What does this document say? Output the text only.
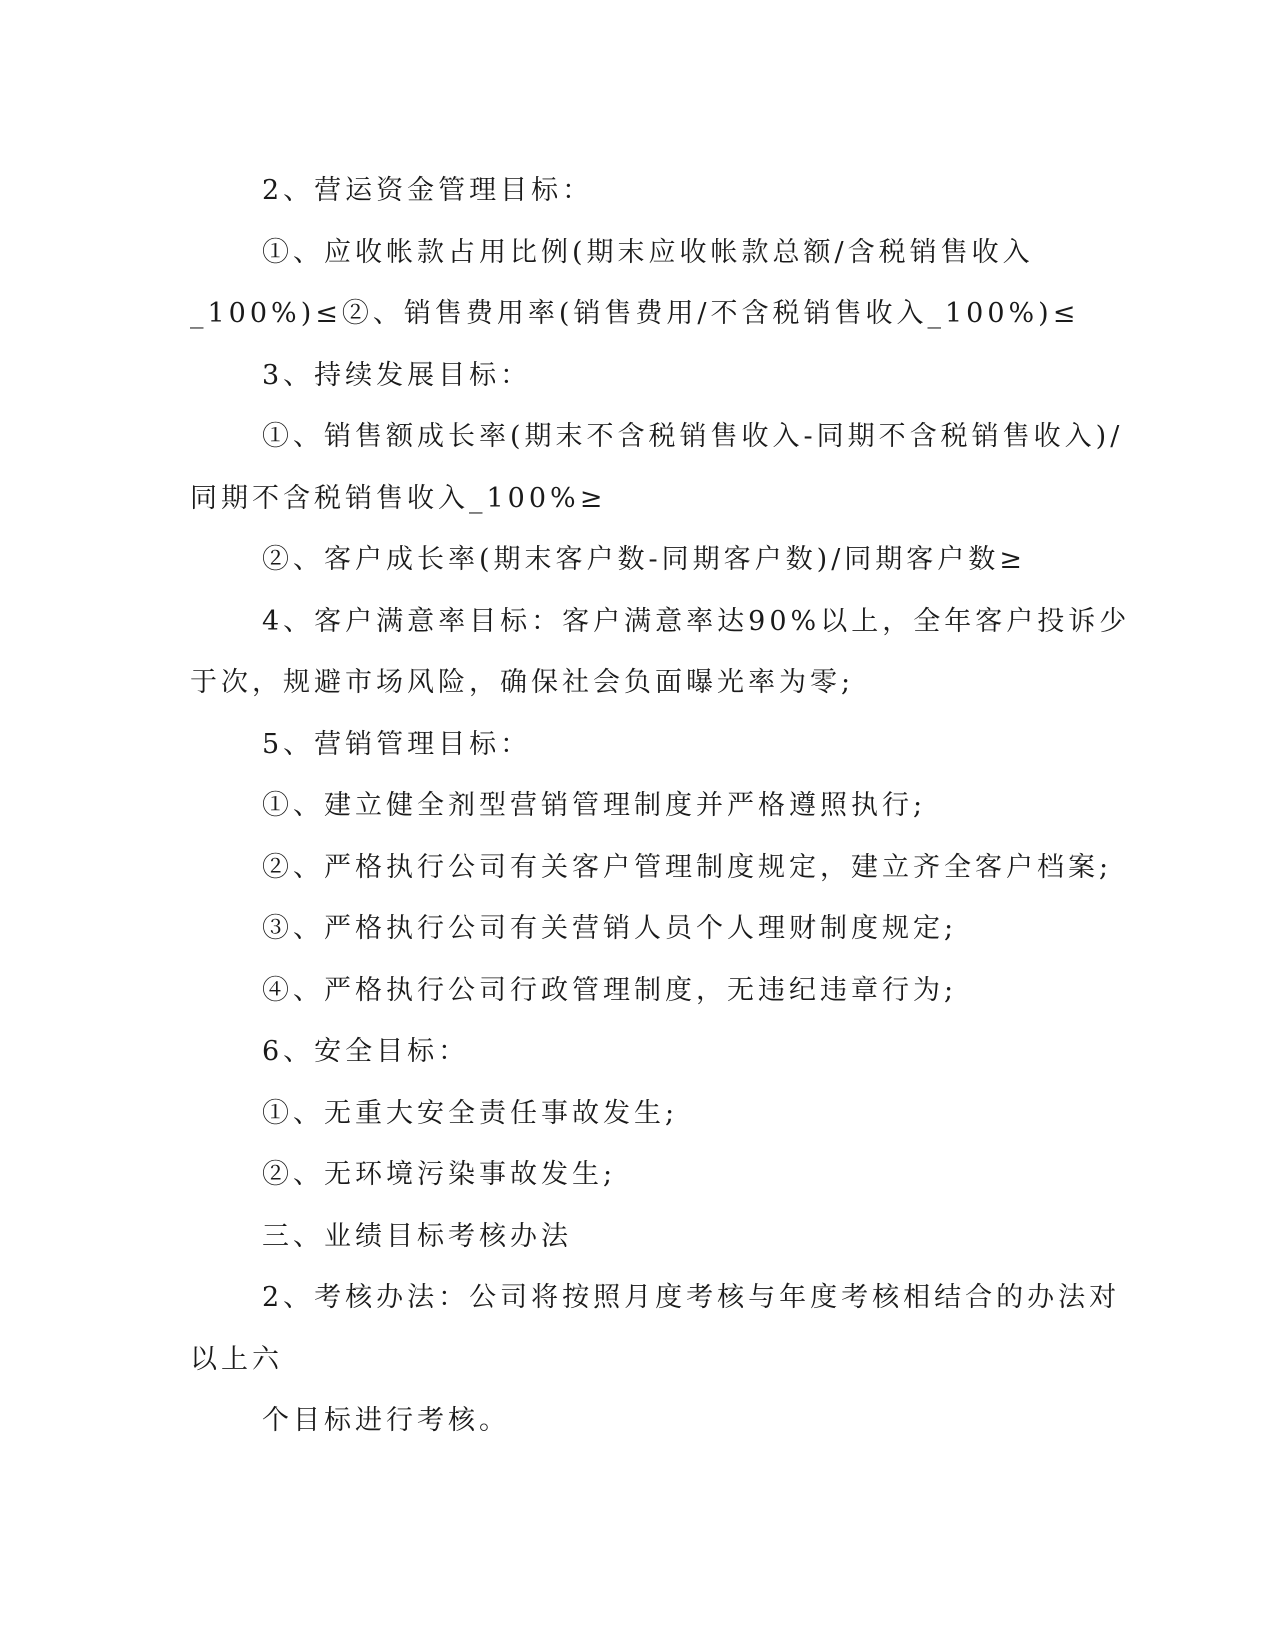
2、营运资金管理目标：
①、应收帐款占用比例(期末应收帐款总额/含税销售收入
_100%)≤②、销售费用率(销售费用/不含税销售收入_100%)≤
3、持续发展目标：
①、销售额成长率(期末不含税销售收入-同期不含税销售收入)/
同期不含税销售收入_100%≥
②、客户成长率(期末客户数-同期客户数)/同期客户数≥
4、客户满意率目标：客户满意率达90%以上，全年客户投诉少
于次，规避市场风险，确保社会负面曝光率为零;
5、营销管理目标：
①、建立健全剂型营销管理制度并严格遵照执行;
②、严格执行公司有关客户管理制度规定，建立齐全客户档案;
③、严格执行公司有关营销人员个人理财制度规定;
④、严格执行公司行政管理制度，无违纪违章行为;
6、安全目标：
①、无重大安全责任事故发生;
②、无环境污染事故发生;
三、业绩目标考核办法
2、考核办法：公司将按照月度考核与年度考核相结合的办法对
以上六
个目标进行考核。
